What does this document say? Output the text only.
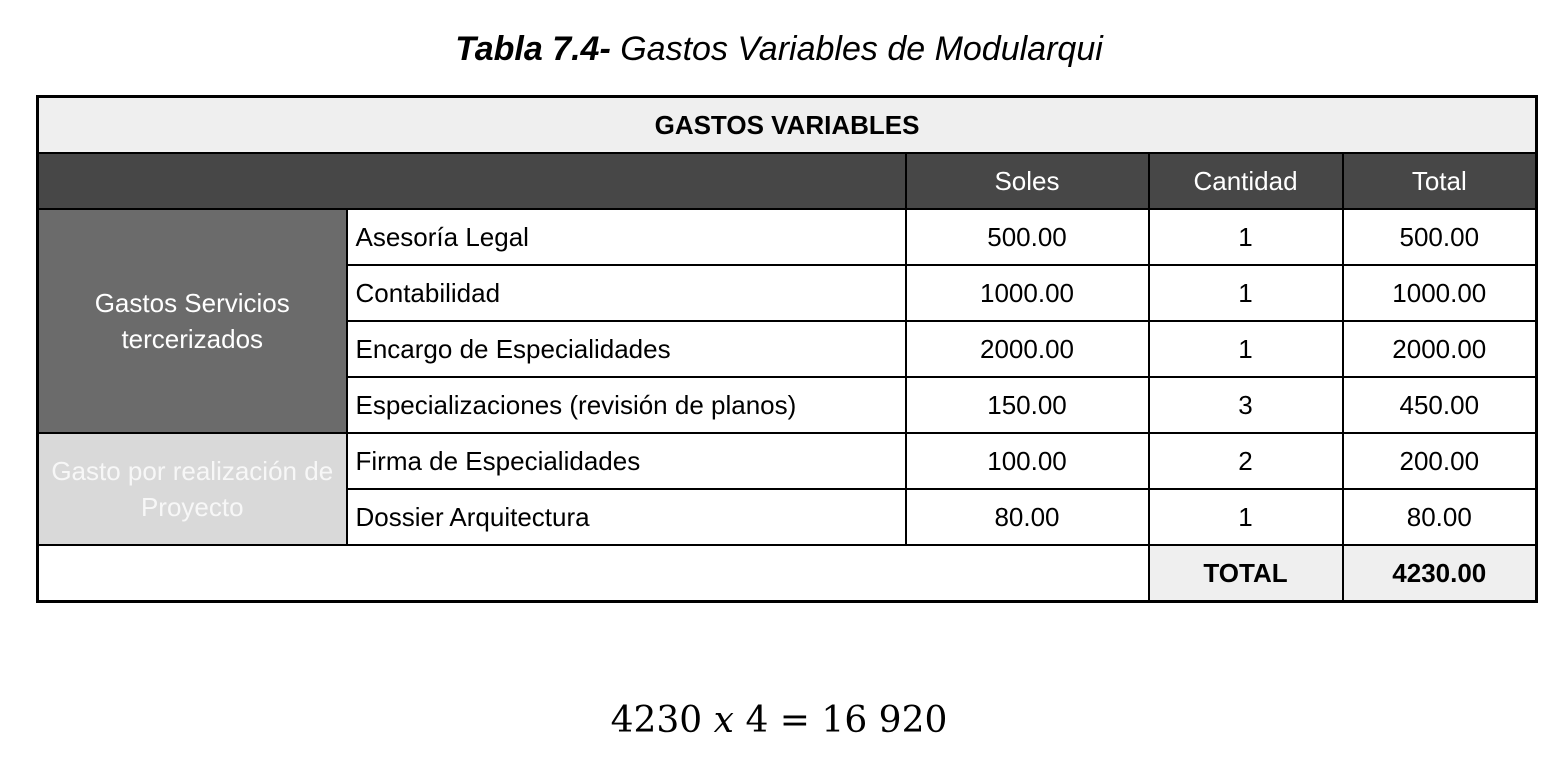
Tabla 7.4- Gastos Variables de Modularqui
GASTOS VARIABLES				
		Soles	Cantidad	Total
Gastos Servicios tercerizados	Asesoría Legal	500.00	1	500.00
	Contabilidad	1000.00	1	1000.00
	Encargo de Especialidades	2000.00	1	2000.00
	Especializaciones (revisión de planos)	150.00	3	450.00
Gasto por realización de Proyecto	Firma de Especialidades	100.00	2	200.00
	Dossier Arquitectura	80.00	1	80.00
			TOTAL	4230.00
4230 x 4 = 16 920
